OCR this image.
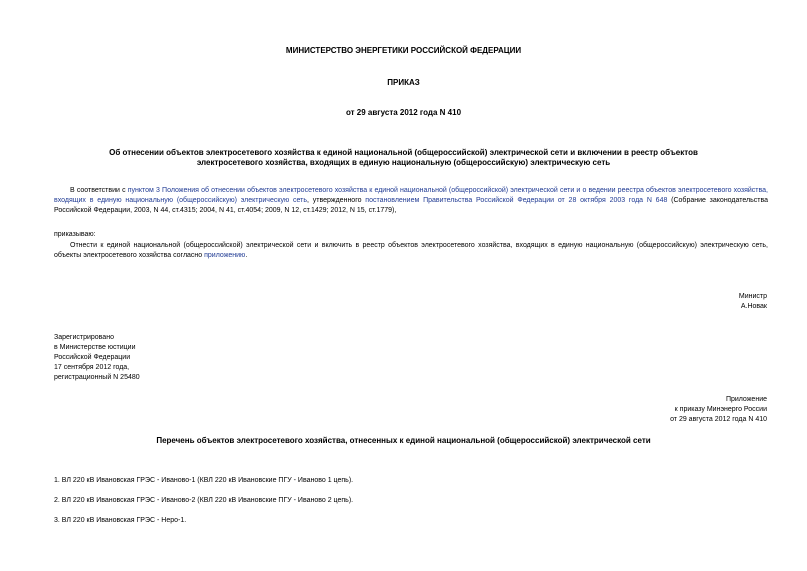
МИНИСТЕРСТВО ЭНЕРГЕТИКИ РОССИЙСКОЙ ФЕДЕРАЦИИ
ПРИКАЗ
от 29 августа 2012 года N 410
Об отнесении объектов электросетевого хозяйства к единой национальной (общероссийской) электрической сети и включении в реестр объектов
электросетевого хозяйства, входящих в единую национальную (общероссийскую) электрическую сеть
В соответствии с пунктом 3 Положения об отнесении объектов электросетевого хозяйства к единой национальной (общероссийской) электрической сети и о ведении реестра объектов электросетевого хозяйства, входящих в единую национальную (общероссийскую) электрическую сеть, утвержденного постановлением Правительства Российской Федерации от 28 октября 2003 года N 648 (Собрание законодательства Российской Федерации, 2003, N 44, ст.4315; 2004, N 41, ст.4054; 2009, N 12, ст.1429; 2012, N 15, ст.1779),
приказываю:
Отнести к единой национальной (общероссийской) электрической сети и включить в реестр объектов электросетевого хозяйства, входящих в единую национальную (общероссийскую) электрическую сеть, объекты электросетевого хозяйства согласно приложению.
Министр
А.Новак
Зарегистрировано
в Министерстве юстиции
Российской Федерации
17 сентября 2012 года,
регистрационный N 25480
Приложение
к приказу Минэнерго России
от 29 августа 2012 года N 410
Перечень объектов электросетевого хозяйства, отнесенных к единой национальной (общероссийской) электрической сети
1. ВЛ 220 кВ Ивановская ГРЭС - Иваново-1 (КВЛ 220 кВ Ивановские ПГУ - Иваново 1 цепь).
2. ВЛ 220 кВ Ивановская ГРЭС - Иваново-2 (КВЛ 220 кВ Ивановские ПГУ - Иваново 2 цепь).
3. ВЛ 220 кВ Ивановская ГРЭС - Неро-1.
